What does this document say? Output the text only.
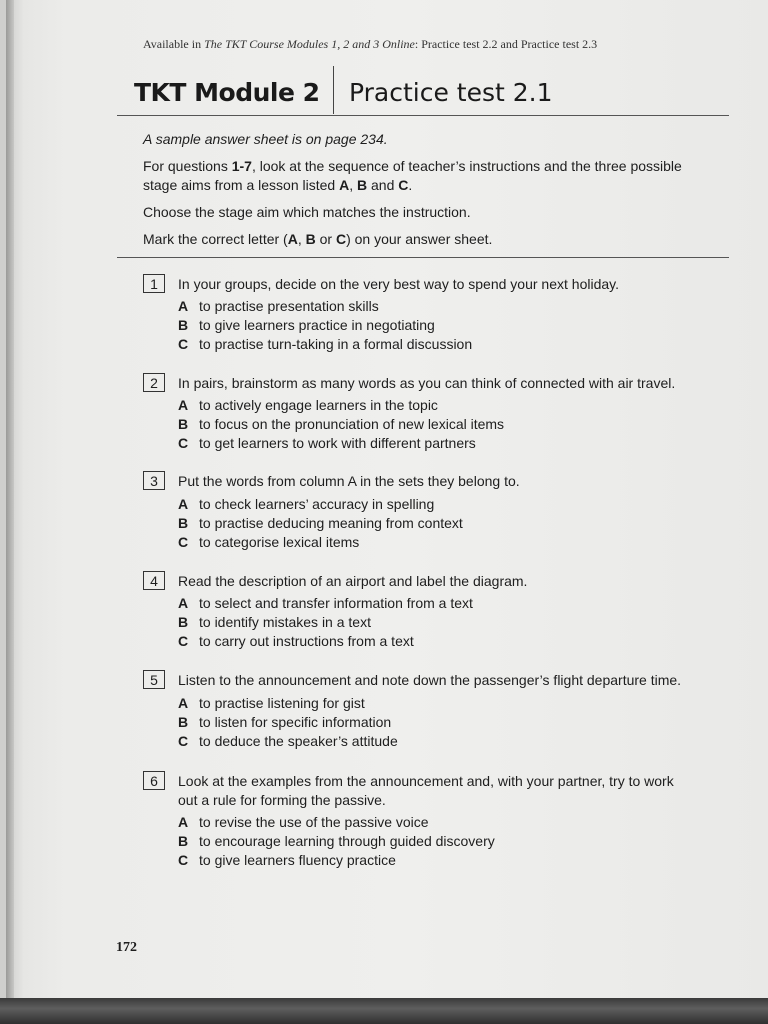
Available in The TKT Course Modules 1, 2 and 3 Online: Practice test 2.2 and Practice test 2.3
TKT Module 2 Practice test 2.1
A sample answer sheet is on page 234.
For questions 1-7, look at the sequence of teacher’s instructions and the three possible stage aims from a lesson listed A, B and C.
Choose the stage aim which matches the instruction.
Mark the correct letter (A, B or C) on your answer sheet.
1	In your groups, decide on the very best way to spend your next holiday.
A to practise presentation skills
B to give learners practice in negotiating
C to practise turn-taking in a formal discussion
2	In pairs, brainstorm as many words as you can think of connected with air travel.
A to actively engage learners in the topic
B to focus on the pronunciation of new lexical items
C to get learners to work with different partners
3	Put the words from column A in the sets they belong to.
A to check learners’ accuracy in spelling
B to practise deducing meaning from context
C to categorise lexical items
4	Read the description of an airport and label the diagram.
A to select and transfer information from a text
B to identify mistakes in a text
C to carry out instructions from a text
5	Listen to the announcement and note down the passenger’s flight departure time.
A to practise listening for gist
B to listen for specific information
C to deduce the speaker’s attitude
6	Look at the examples from the announcement and, with your partner, try to work
out a rule for forming the passive.
A to revise the use of the passive voice
B to encourage learning through guided discovery
C to give learners fluency practice
172
